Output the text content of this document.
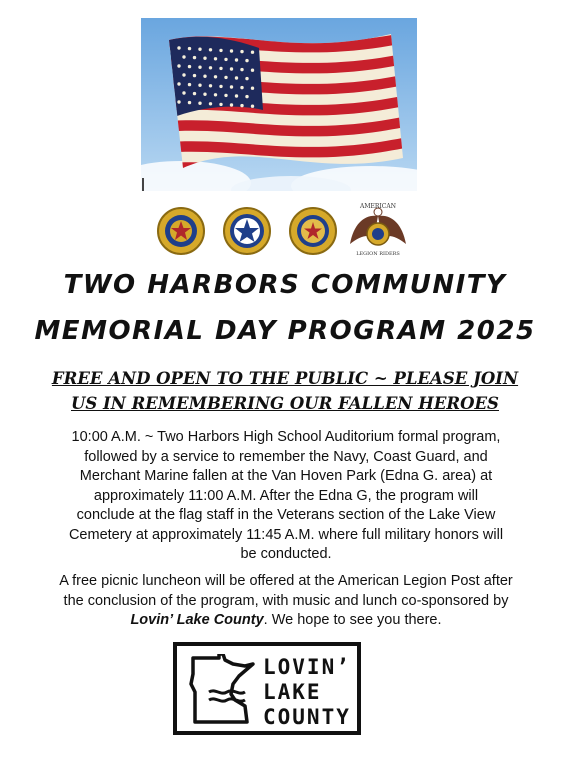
AMERICAN
LEGION RIDERS
TWO HARBORS COMMUNITY
MEMORIAL DAY PROGRAM 2025
FREE AND OPEN TO THE PUBLIC ~ PLEASE JOIN
US IN REMEMBERING OUR FALLEN HEROES
10:00 A.M. ~ Two Harbors High School Auditorium formal program,
followed by a service to remember the Navy, Coast Guard, and
Merchant Marine fallen at the Van Hoven Park (Edna G. area) at
approximately 11:00 A.M. After the Edna G, the program will
conclude at the flag staff in the Veterans section of the Lake View
Cemetery at approximately 11:45 A.M. where full military honors will
be conducted.
A free picnic luncheon will be offered at the American Legion Post after
the conclusion of the program, with music and lunch co-sponsored by
Lovin’ Lake County. We hope to see you there.
LOVIN’
LAKE
COUNTY
